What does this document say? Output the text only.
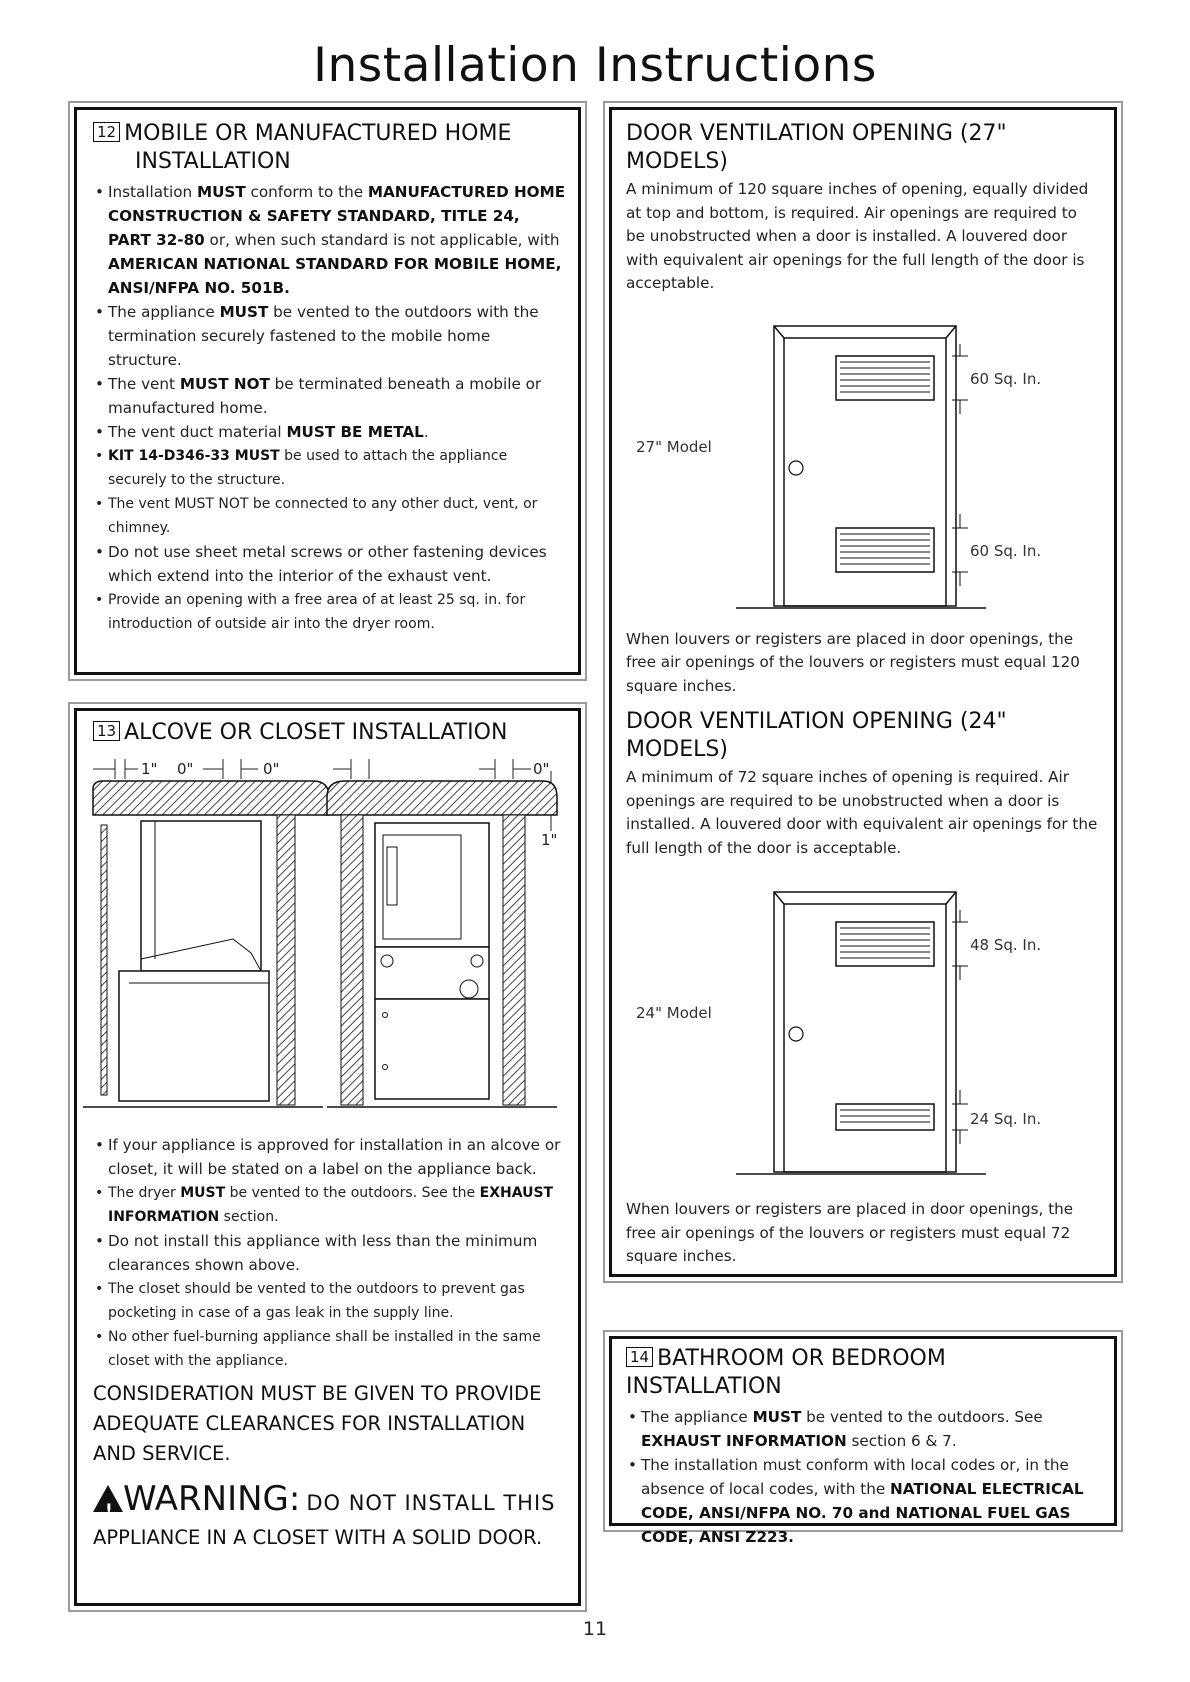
Installation Instructions
12 MOBILE OR MANUFACTURED HOME
INSTALLATION
• Installation MUST conform to the MANUFACTURED HOME CONSTRUCTION & SAFETY STANDARD, TITLE 24, PART 32-80 or, when such standard is not applicable, with AMERICAN NATIONAL STANDARD FOR MOBILE HOME, ANSI/NFPA NO. 501B.
• The appliance MUST be vented to the outdoors with the termination securely fastened to the mobile home structure.
• The vent MUST NOT be terminated beneath a mobile or manufactured home.
• The vent duct material MUST BE METAL.
• KIT 14-D346-33 MUST be used to attach the appliance securely to the structure.
• The vent MUST NOT be connected to any other duct, vent, or chimney.
• Do not use sheet metal screws or other fastening devices which extend into the interior of the exhaust vent.
• Provide an opening with a free area of at least 25 sq. in. for introduction of outside air into the dryer room.
13 ALCOVE OR CLOSET INSTALLATION
1" 0"	0"	0"
1"
• If your appliance is approved for installation in an alcove or closet, it will be stated on a label on the appliance back.
• The dryer MUST be vented to the outdoors. See the EXHAUST INFORMATION section.
• Do not install this appliance with less than the minimum clearances shown above.
• The closet should be vented to the outdoors to prevent gas pocketing in case of a gas leak in the supply line.
• No other fuel-burning appliance shall be installed in the same closet with the appliance.
CONSIDERATION MUST BE GIVEN TO PROVIDE ADEQUATE CLEARANCES FOR INSTALLATION AND SERVICE.
! WARNING: DO NOT INSTALL THIS
APPLIANCE IN A CLOSET WITH A SOLID DOOR.
DOOR VENTILATION OPENING (27" MODELS)

A minimum of 120 square inches of opening, equally divided at top and bottom, is required. Air openings are required to be unobstructed when a door is installed. A louvered door with equivalent air openings for the full length of the door is acceptable.

27" Model
60 Sq. In.
60 Sq. In.

When louvers or registers are placed in door openings, the free air openings of the louvers or registers must equal 120 square inches.

DOOR VENTILATION OPENING (24" MODELS)

A minimum of 72 square inches of opening is required. Air openings are required to be unobstructed when a door is installed. A louvered door with equivalent air openings for the full length of the door is acceptable.

24" Model
48 Sq. In.
24 Sq. In.

When louvers or registers are placed in door openings, the free air openings of the louvers or registers must equal 72 square inches.

14 BATHROOM OR BEDROOM INSTALLATION
• The appliance MUST be vented to the outdoors. See EXHAUST INFORMATION section 6 & 7.
• The installation must conform with local codes or, in the absence of local codes, with the NATIONAL ELECTRICAL CODE, ANSI/NFPA NO. 70 and NATIONAL FUEL GAS CODE, ANSI Z223.
11
